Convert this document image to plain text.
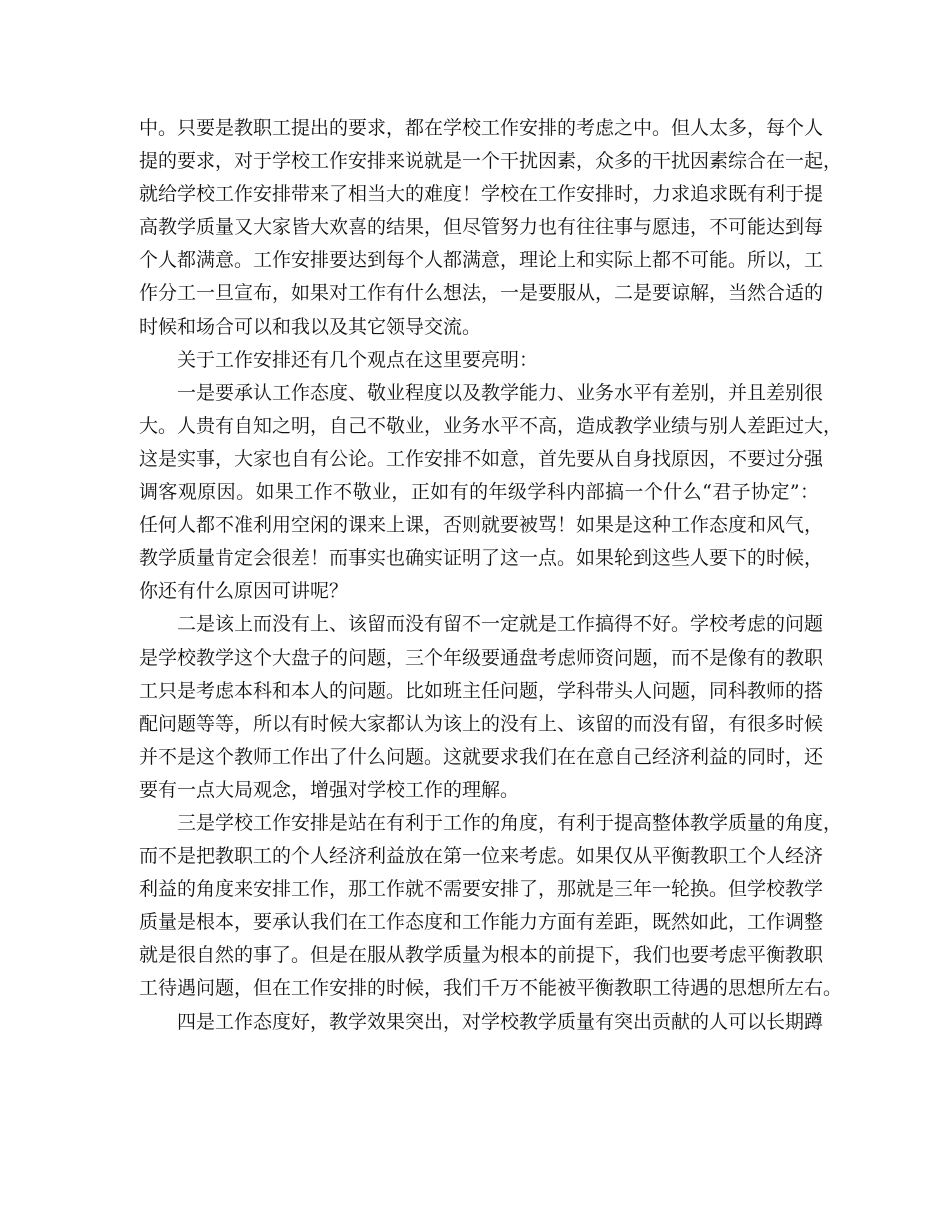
中。只要是教职工提出的要求，都在学校工作安排的考虑之中。但人太多，每个人
提的要求，对于学校工作安排来说就是一个干扰因素，众多的干扰因素综合在一起，
就给学校工作安排带来了相当大的难度！学校在工作安排时，力求追求既有利于提
高教学质量又大家皆大欢喜的结果，但尽管努力也有往往事与愿违，不可能达到每
个人都满意。工作安排要达到每个人都满意，理论上和实际上都不可能。所以，工
作分工一旦宣布，如果对工作有什么想法，一是要服从，二是要谅解，当然合适的
时候和场合可以和我以及其它领导交流。
关于工作安排还有几个观点在这里要亮明：
一是要承认工作态度、敬业程度以及教学能力、业务水平有差别，并且差别很
大。人贵有自知之明，自己不敬业，业务水平不高，造成教学业绩与别人差距过大，
这是实事，大家也自有公论。工作安排不如意，首先要从自身找原因，不要过分强
调客观原因。如果工作不敬业，正如有的年级学科内部搞一个什么“君子协定”：
任何人都不准利用空闲的课来上课，否则就要被骂！如果是这种工作态度和风气，
教学质量肯定会很差！而事实也确实证明了这一点。如果轮到这些人要下的时候，
你还有什么原因可讲呢？
二是该上而没有上、该留而没有留不一定就是工作搞得不好。学校考虑的问题
是学校教学这个大盘子的问题，三个年级要通盘考虑师资问题，而不是像有的教职
工只是考虑本科和本人的问题。比如班主任问题，学科带头人问题，同科教师的搭
配问题等等，所以有时候大家都认为该上的没有上、该留的而没有留，有很多时候
并不是这个教师工作出了什么问题。这就要求我们在在意自己经济利益的同时，还
要有一点大局观念，增强对学校工作的理解。
三是学校工作安排是站在有利于工作的角度，有利于提高整体教学质量的角度，
而不是把教职工的个人经济利益放在第一位来考虑。如果仅从平衡教职工个人经济
利益的角度来安排工作，那工作就不需要安排了，那就是三年一轮换。但学校教学
质量是根本，要承认我们在工作态度和工作能力方面有差距，既然如此，工作调整
就是很自然的事了。但是在服从教学质量为根本的前提下，我们也要考虑平衡教职
工待遇问题，但在工作安排的时候，我们千万不能被平衡教职工待遇的思想所左右。
四是工作态度好，教学效果突出，对学校教学质量有突出贡献的人可以长期蹲
